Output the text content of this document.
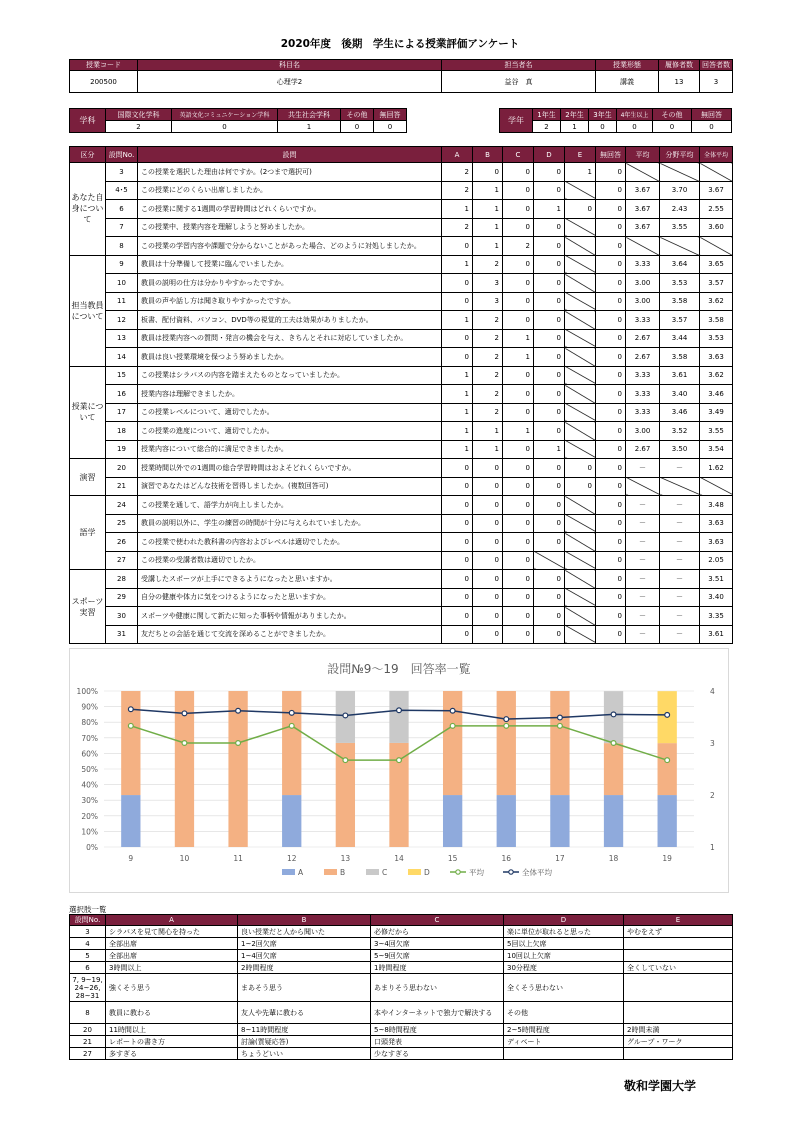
2020年度　後期　学生による授業評価アンケート
授業コード	科目名	担当者名	授業形態	履修者数	回答者数
200500	心理学2	益谷　真	講義	13	3
学科	国際文化学科	英語文化コミュニケーション学科	共生社会学科	その他	無回答
	2	0	1	0	0
学年	1年生	2年生	3年生	4年生以上	その他	無回答
	2	1	0	0	0	0
区分	設問No.	設問	A	B	C	D	E	無回答	平均	分野平均	全体平均
あなた自身について	3	この授業を選択した理由は何ですか。(2つまで選択可)	2	0	0	0	1	0			
	4･5	この授業にどのくらい出席しましたか。	2	1	0	0		0	3.67	3.70	3.67
	6	この授業に関する1週間の学習時間はどれくらいですか。	1	1	0	1	0	0	3.67	2.43	2.55
	7	この授業中、授業内容を理解しようと努めましたか。	2	1	0	0		0	3.67	3.55	3.60
	8	この授業の学習内容や課題で分からないことがあった場合、どのように対処しましたか。	0	1	2	0		0			
担当教員について	9	教員は十分準備して授業に臨んでいましたか。	1	2	0	0		0	3.33	3.64	3.65
	10	教員の説明の仕方は分かりやすかったですか。	0	3	0	0		0	3.00	3.53	3.57
	11	教員の声や話し方は聞き取りやすかったですか。	0	3	0	0		0	3.00	3.58	3.62
	12	板書、配付資料、パソコン、DVD等の視覚的工夫は効果がありましたか。	1	2	0	0		0	3.33	3.57	3.58
	13	教員は授業内容への質問・発言の機会を与え、きちんとそれに対応していましたか。	0	2	1	0		0	2.67	3.44	3.53
	14	教員は良い授業環境を保つよう努めましたか。	0	2	1	0		0	2.67	3.58	3.63
授業について	15	この授業はシラバスの内容を踏まえたものとなっていましたか。	1	2	0	0		0	3.33	3.61	3.62
	16	授業内容は理解できましたか。	1	2	0	0		0	3.33	3.40	3.46
	17	この授業レベルについて、適切でしたか。	1	2	0	0		0	3.33	3.46	3.49
	18	この授業の進度について、適切でしたか。	1	1	1	0		0	3.00	3.52	3.55
	19	授業内容について総合的に満足できましたか。	1	1	0	1		0	2.67	3.50	3.54
演習	20	授業時間以外での1週間の総合学習時間はおよそどれくらいですか。	0	0	0	0	0	0	－	－	1.62
	21	演習であなたはどんな技術を習得しましたか。(複数回答可)	0	0	0	0	0	0			
語学	24	この授業を通して、語学力が向上しましたか。	0	0	0	0		0	－	－	3.48
	25	教員の説明以外に、学生の練習の時間が十分に与えられていましたか。	0	0	0	0		0	－	－	3.63
	26	この授業で使われた教科書の内容およびレベルは適切でしたか。	0	0	0	0		0	－	－	3.63
	27	この授業の受講者数は適切でしたか。	0	0	0			0	－	－	2.05
スポーツ実習	28	受講したスポーツが上手にできるようになったと思いますか。	0	0	0	0		0	－	－	3.51
	29	自分の健康や体力に気をつけるようになったと思いますか。	0	0	0	0		0	－	－	3.40
	30	スポーツや健康に関して新たに知った事柄や情報がありましたか。	0	0	0	0		0	－	－	3.35
	31	友だちとの会話を通じて交流を深めることができましたか。	0	0	0	0		0	－	－	3.61
設問№9～19　回答率一覧
0%
10%
20%
30%
40%
50%
60%
70%
80%
90%
100%
1
2
3
4
9	10	11	12	13	14	15	16	17	18	19
A	B	C	D	平均	全体平均
選択肢一覧
設問No.	A	B	C	D	E
3	シラバスを見て関心を持った	良い授業だと人から聞いた	必修だから	楽に単位が取れると思った	やむをえず
4	全部出席	1~2回欠席	3~4回欠席	5回以上欠席	
5	全部出席	1~4回欠席	5~9回欠席	10回以上欠席	
6	3時間以上	2時間程度	1時間程度	30分程度	全くしていない
7, 9~19, 24~26, 28~31	強くそう思う	まあそう思う	あまりそう思わない	全くそう思わない	
8	教員に教わる	友人や先輩に教わる	本やインターネットで独力で解決する	その他	
20	11時間以上	8~11時間程度	5~8時間程度	2~5時間程度	2時間未満
21	レポートの書き方	討論(質疑応答)	口頭発表	ディベート	グループ・ワーク
27	多すぎる	ちょうどいい	少なすぎる		
敬和学園大学
